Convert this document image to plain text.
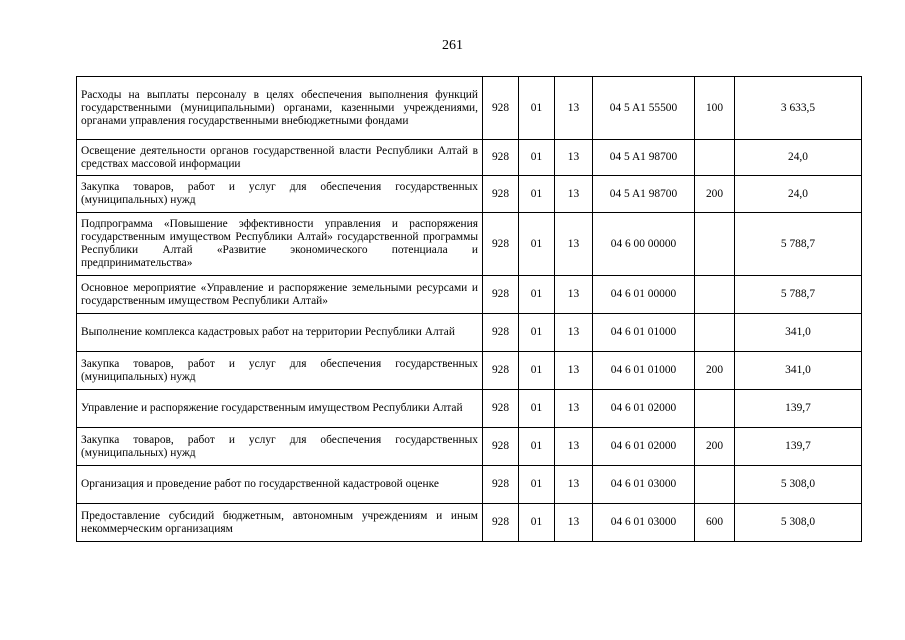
261
Расходы на выплаты персоналу в целях обеспечения выполнения функций государственными (муниципальными) органами, казенными учреждениями, органами управления государственными внебюджетными фондами	928	01	13	04 5 A1 55500	100	3 633,5
Освещение деятельности органов государственной власти Республики Алтай в средствах массовой информации	928	01	13	04 5 A1 98700		24,0
Закупка товаров, работ и услуг для обеспечения государственных (муниципальных) нужд	928	01	13	04 5 A1 98700	200	24,0
Подпрограмма «Повышение эффективности управления и распоряжения государственным имуществом Республики Алтай» государственной программы Республики Алтай «Развитие экономического потенциала и предпринимательства»	928	01	13	04 6 00 00000		5 788,7
Основное мероприятие «Управление и распоряжение земельными ресурсами и государственным имуществом Республики Алтай»	928	01	13	04 6 01 00000		5 788,7
Выполнение комплекса кадастровых работ на территории Республики Алтай	928	01	13	04 6 01 01000		341,0
Закупка товаров, работ и услуг для обеспечения государственных (муниципальных) нужд	928	01	13	04 6 01 01000	200	341,0
Управление и распоряжение государственным имуществом Республики Алтай	928	01	13	04 6 01 02000		139,7
Закупка товаров, работ и услуг для обеспечения государственных (муниципальных) нужд	928	01	13	04 6 01 02000	200	139,7
Организация и проведение работ по государственной кадастровой оценке	928	01	13	04 6 01 03000		5 308,0
Предоставление субсидий бюджетным, автономным учреждениям и иным некоммерческим организациям	928	01	13	04 6 01 03000	600	5 308,0
